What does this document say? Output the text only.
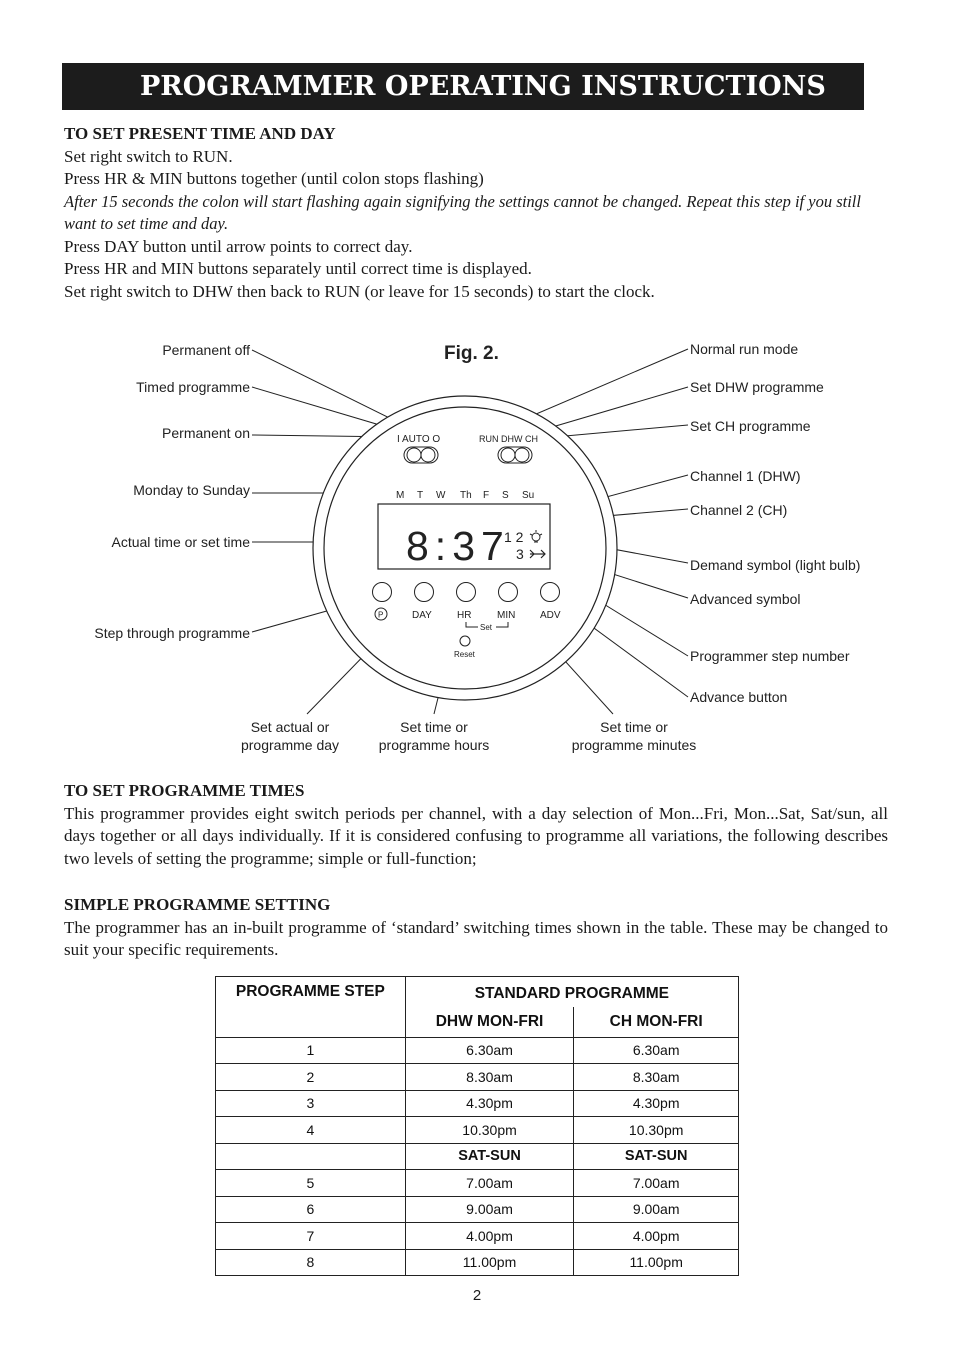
PROGRAMMER OPERATING INSTRUCTIONS

TO SET PRESENT TIME AND DAY

Set right switch to RUN.

Press HR & MIN buttons together (until colon stops flashing)

After 15 seconds the colon will start flashing again signifying the settings cannot be changed. Repeat this step if you still want to set time and day.

Press DAY button until arrow points to correct day.

Press HR and MIN buttons separately until correct time is displayed.

Set right switch to DHW then back to RUN (or leave for 15 seconds) to start the clock.

I AUTO O	RUN DHW CH
M T W Th F S Su
8:37
1 2
3
P	DAY	HR	MIN ADV
Set
Reset
Fig. 2.
Permanent off
Timed programme
Permanent on
Monday to Sunday
Actual time or set time
Step through programme
Normal run mode
Set DHW programme
Set CH programme
Channel 1 (DHW)
Channel 2 (CH)
Demand symbol (light bulb)
Advanced symbol
Programmer step number
Advance button
Set actual or
programme day
Set time or
programme hours
Set time or
programme minutes

TO SET PROGRAMME TIMES

This programmer provides eight switch periods per channel, with a day selection of Mon...Fri, Mon...Sat, Sat/sun, all days together or all days individually. If it is considered confusing to programme all variations, the following describes two levels of setting the programme; simple or full-function;

SIMPLE PROGRAMME SETTING

The programmer has an in-built programme of ‘standard’ switching times shown in the table. These may be changed to suit your specific requirements.

PROGRAMME STEP	STANDARD PROGRAMME	
	DHW MON-FRI	CH MON-FRI
1	6.30am	6.30am
2	8.30am	8.30am
3	4.30pm	4.30pm
4	10.30pm	10.30pm
	SAT-SUN	SAT-SUN
5	7.00am	7.00am
6	9.00am	9.00am
7	4.00pm	4.00pm
8	11.00pm	11.00pm
2
